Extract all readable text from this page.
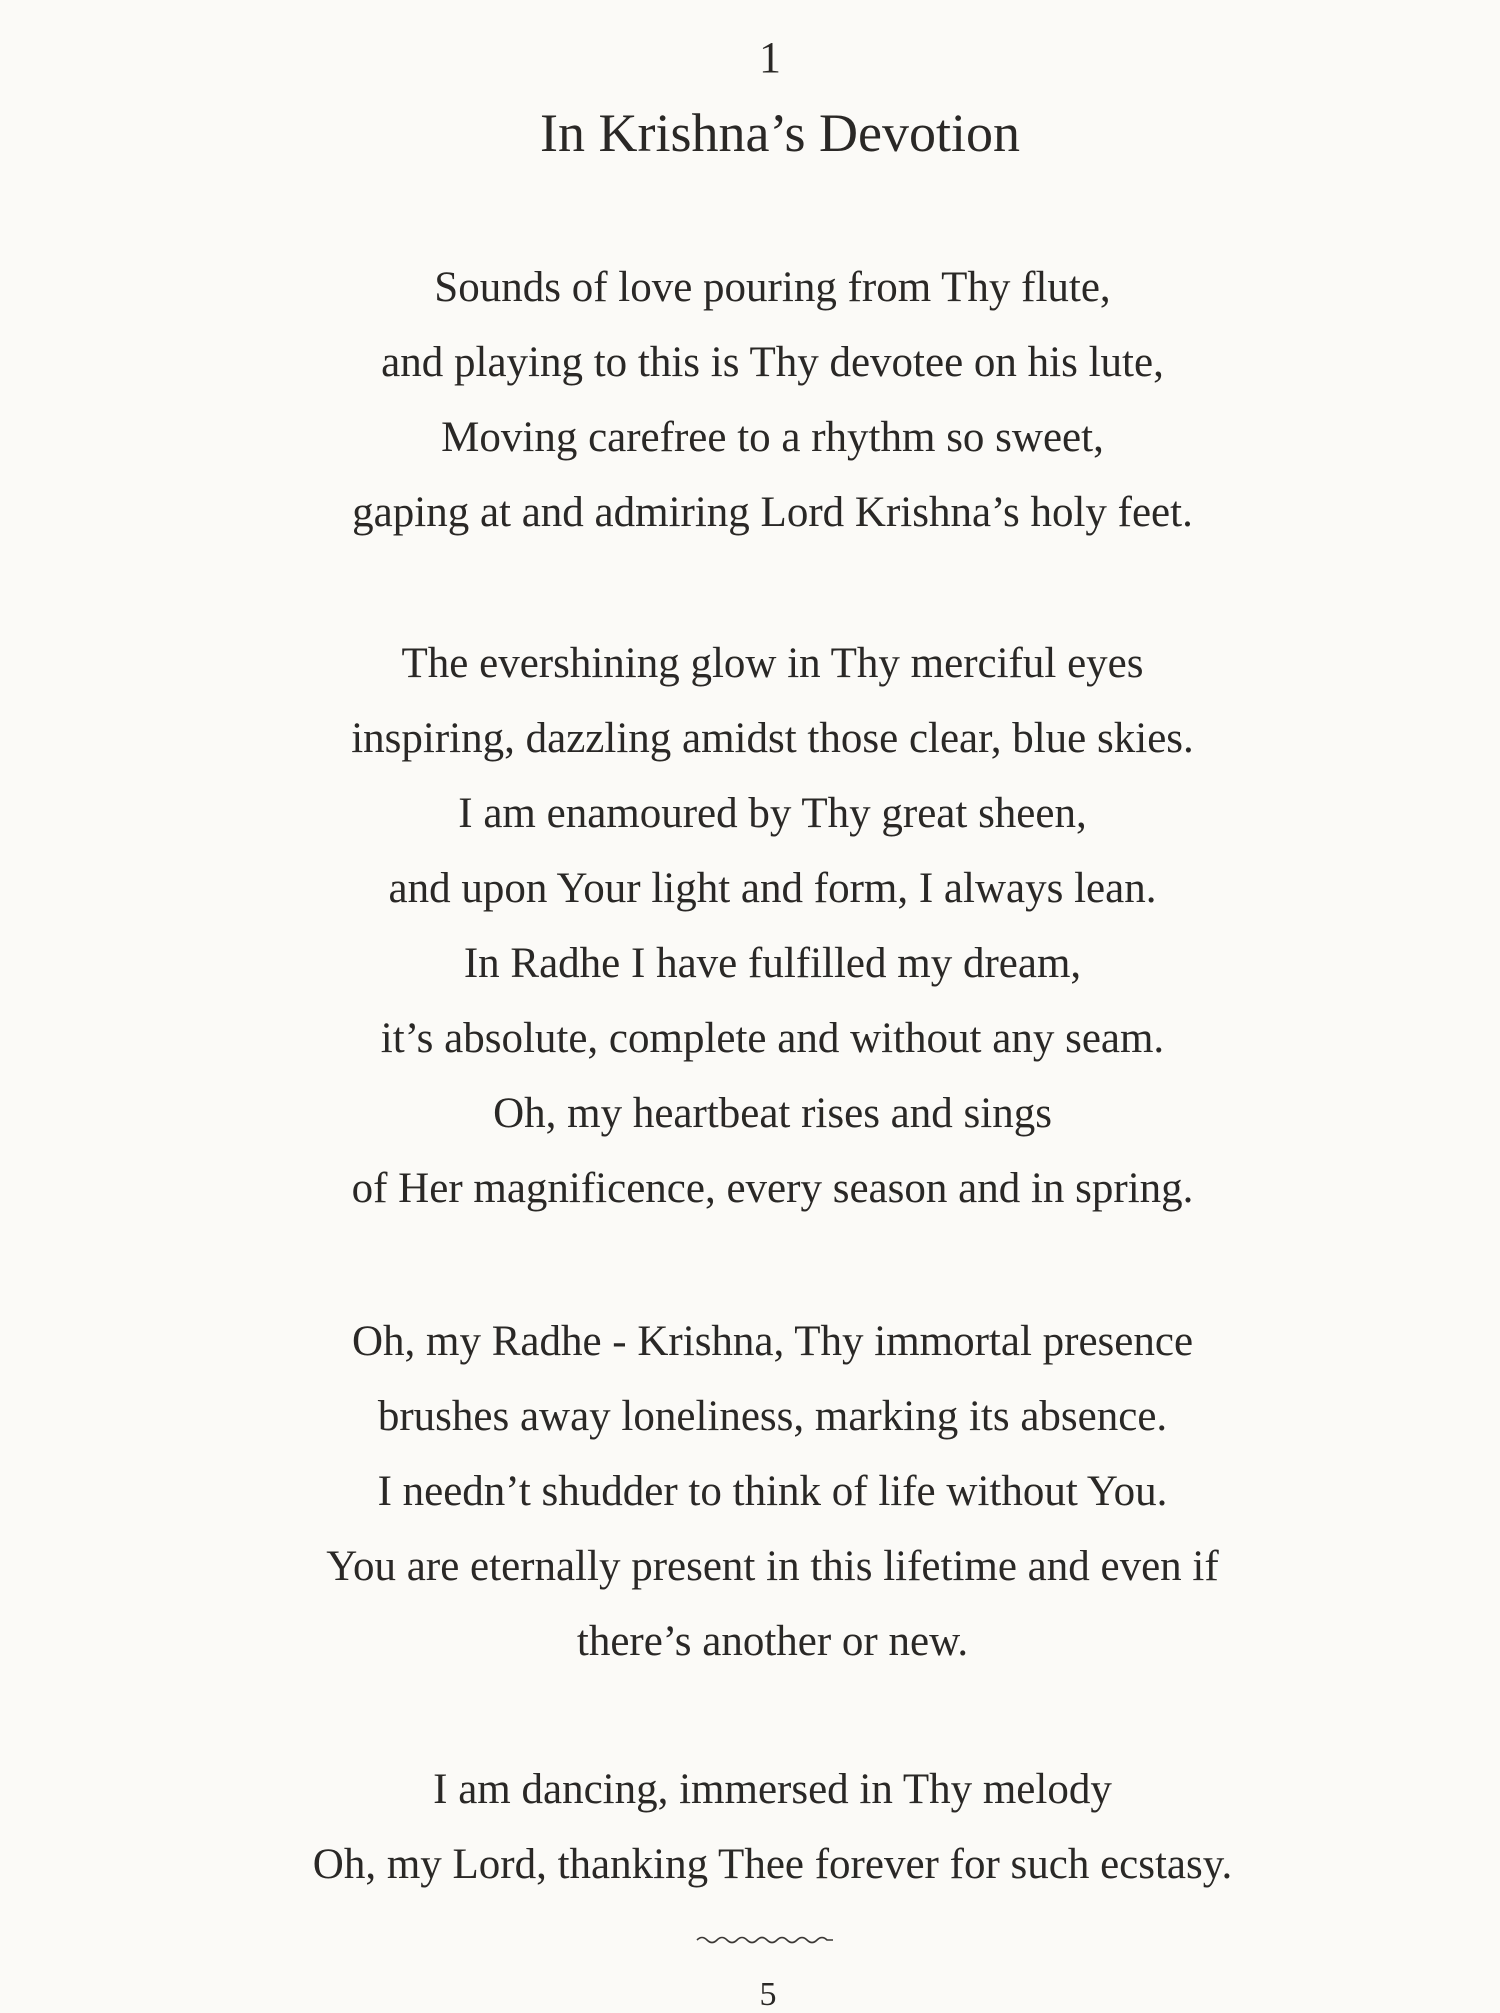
1
In Krishna’s Devotion
Sounds of love pouring from Thy flute,
and playing to this is Thy devotee on his lute,
Moving carefree to a rhythm so sweet,
gaping at and admiring Lord Krishna’s holy feet.
The evershining glow in Thy merciful eyes
inspiring, dazzling amidst those clear, blue skies.
I am enamoured by Thy great sheen,
and upon Your light and form, I always lean.
In Radhe I have fulfilled my dream,
it’s absolute, complete and without any seam.
Oh, my heartbeat rises and sings
of Her magnificence, every season and in spring.
Oh, my Radhe - Krishna, Thy immortal presence
brushes away loneliness, marking its absence.
I needn’t shudder to think of life without You.
You are eternally present in this lifetime and even if
there’s another or new.
I am dancing, immersed in Thy melody
Oh, my Lord, thanking Thee forever for such ecstasy.
5
